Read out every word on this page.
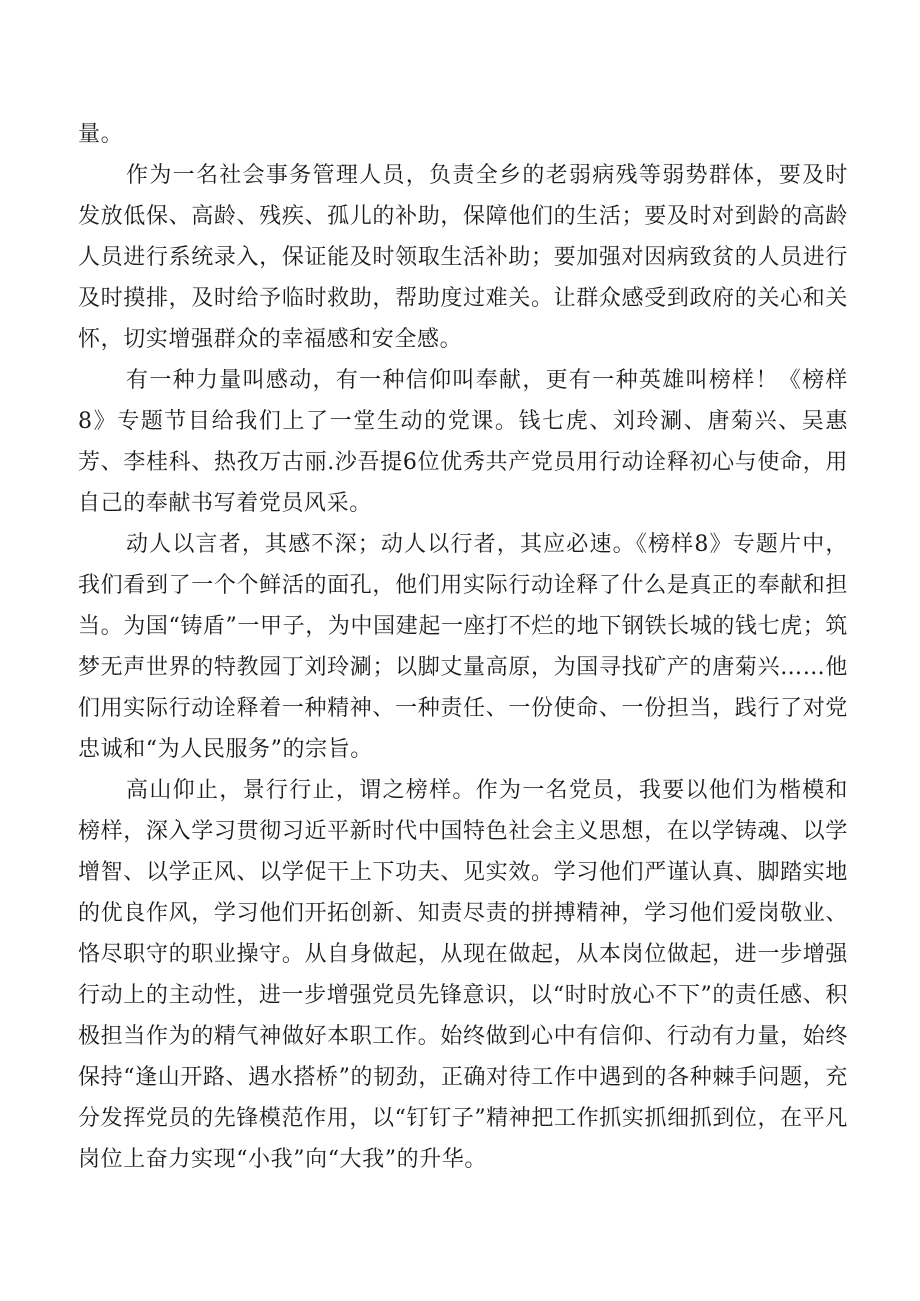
量。

作为一名社会事务管理人员，负责全乡的老弱病残等弱势群体，要及时发放低保、高龄、残疾、孤儿的补助，保障他们的生活；要及时对到龄的高龄人员进行系统录入，保证能及时领取生活补助；要加强对因病致贫的人员进行及时摸排，及时给予临时救助，帮助度过难关。让群众感受到政府的关心和关怀，切实增强群众的幸福感和安全感。

有一种力量叫感动，有一种信仰叫奉献，更有一种英雄叫榜样！《榜样8》专题节目给我们上了一堂生动的党课。钱七虎、刘玲涮、唐菊兴、吴惠芳、李桂科、热孜万古丽.沙吾提6位优秀共产党员用行动诠释初心与使命，用自己的奉献书写着党员风采。

动人以言者，其感不深；动人以行者，其应必速。《榜样8》专题片中，我们看到了一个个鲜活的面孔，他们用实际行动诠释了什么是真正的奉献和担当。为国“铸盾”一甲子，为中国建起一座打不烂的地下钢铁长城的钱七虎；筑梦无声世界的特教园丁刘玲涮；以脚丈量高原，为国寻找矿产的唐菊兴……他们用实际行动诠释着一种精神、一种责任、一份使命、一份担当，践行了对党忠诚和“为人民服务”的宗旨。

高山仰止，景行行止，谓之榜样。作为一名党员，我要以他们为楷模和榜样，深入学习贯彻习近平新时代中国特色社会主义思想，在以学铸魂、以学增智、以学正风、以学促干上下功夫、见实效。学习他们严谨认真、脚踏实地的优良作风，学习他们开拓创新、知责尽责的拼搏精神，学习他们爱岗敬业、恪尽职守的职业操守。从自身做起，从现在做起，从本岗位做起，进一步增强行动上的主动性，进一步增强党员先锋意识，以“时时放心不下”的责任感、积极担当作为的精气神做好本职工作。始终做到心中有信仰、行动有力量，始终保持“逢山开路、遇水搭桥”的韧劲，正确对待工作中遇到的各种棘手问题，充分发挥党员的先锋模范作用，以“钉钉子”精神把工作抓实抓细抓到位，在平凡岗位上奋力实现“小我”向“大我”的升华。
